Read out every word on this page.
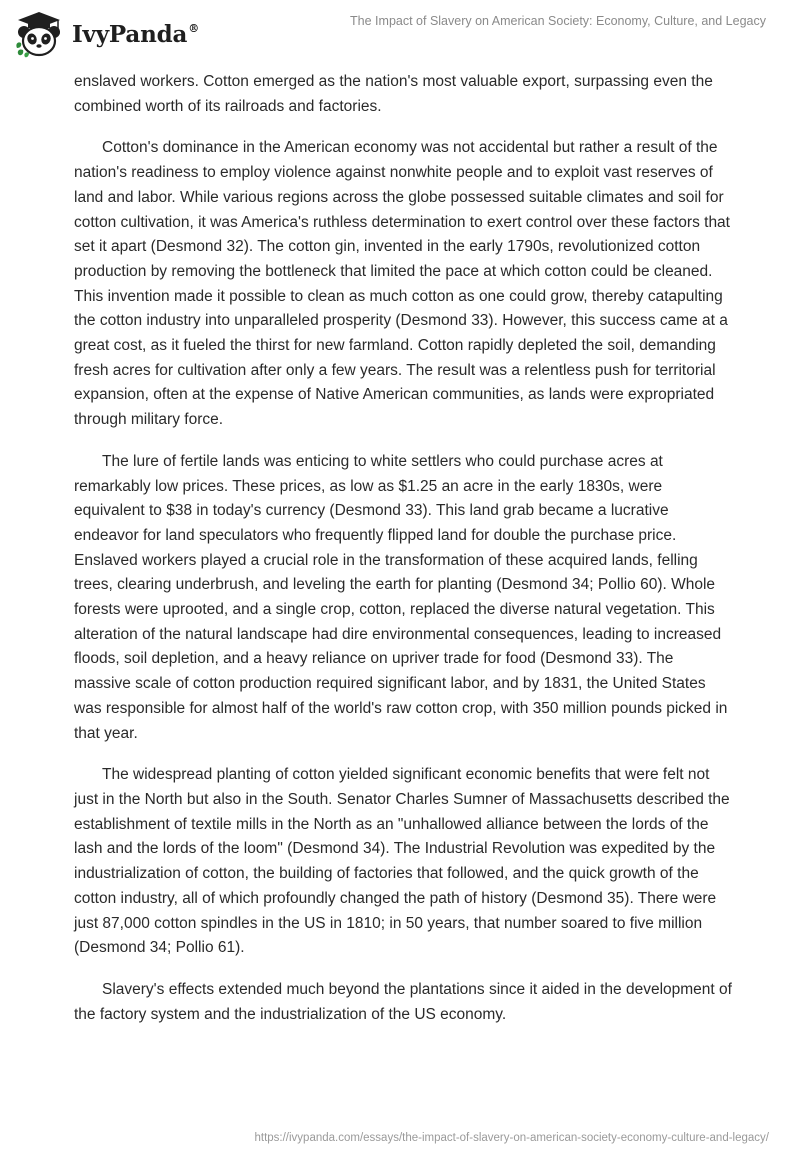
IvyPanda®	The Impact of Slavery on American Society: Economy, Culture, and Legacy

enslaved workers. Cotton emerged as the nation's most valuable export, surpassing even the combined worth of its railroads and factories.

Cotton's dominance in the American economy was not accidental but rather a result of the nation's readiness to employ violence against nonwhite people and to exploit vast reserves of land and labor. While various regions across the globe possessed suitable climates and soil for cotton cultivation, it was America's ruthless determination to exert control over these factors that set it apart (Desmond 32). The cotton gin, invented in the early 1790s, revolutionized cotton production by removing the bottleneck that limited the pace at which cotton could be cleaned. This invention made it possible to clean as much cotton as one could grow, thereby catapulting the cotton industry into unparalleled prosperity (Desmond 33). However, this success came at a great cost, as it fueled the thirst for new farmland. Cotton rapidly depleted the soil, demanding fresh acres for cultivation after only a few years. The result was a relentless push for territorial expansion, often at the expense of Native American communities, as lands were expropriated through military force.

The lure of fertile lands was enticing to white settlers who could purchase acres at remarkably low prices. These prices, as low as $1.25 an acre in the early 1830s, were equivalent to $38 in today's currency (Desmond 33). This land grab became a lucrative endeavor for land speculators who frequently flipped land for double the purchase price. Enslaved workers played a crucial role in the transformation of these acquired lands, felling trees, clearing underbrush, and leveling the earth for planting (Desmond 34; Pollio 60). Whole forests were uprooted, and a single crop, cotton, replaced the diverse natural vegetation. This alteration of the natural landscape had dire environmental consequences, leading to increased floods, soil depletion, and a heavy reliance on upriver trade for food (Desmond 33). The massive scale of cotton production required significant labor, and by 1831, the United States was responsible for almost half of the world's raw cotton crop, with 350 million pounds picked in that year.

The widespread planting of cotton yielded significant economic benefits that were felt not just in the North but also in the South. Senator Charles Sumner of Massachusetts described the establishment of textile mills in the North as an "unhallowed alliance between the lords of the lash and the lords of the loom" (Desmond 34). The Industrial Revolution was expedited by the industrialization of cotton, the building of factories that followed, and the quick growth of the cotton industry, all of which profoundly changed the path of history (Desmond 35). There were just 87,000 cotton spindles in the US in 1810; in 50 years, that number soared to five million (Desmond 34; Pollio 61).

Slavery's effects extended much beyond the plantations since it aided in the development of the factory system and the industrialization of the US economy.

https://ivypanda.com/essays/the-impact-of-slavery-on-american-society-economy-culture-and-legacy/
